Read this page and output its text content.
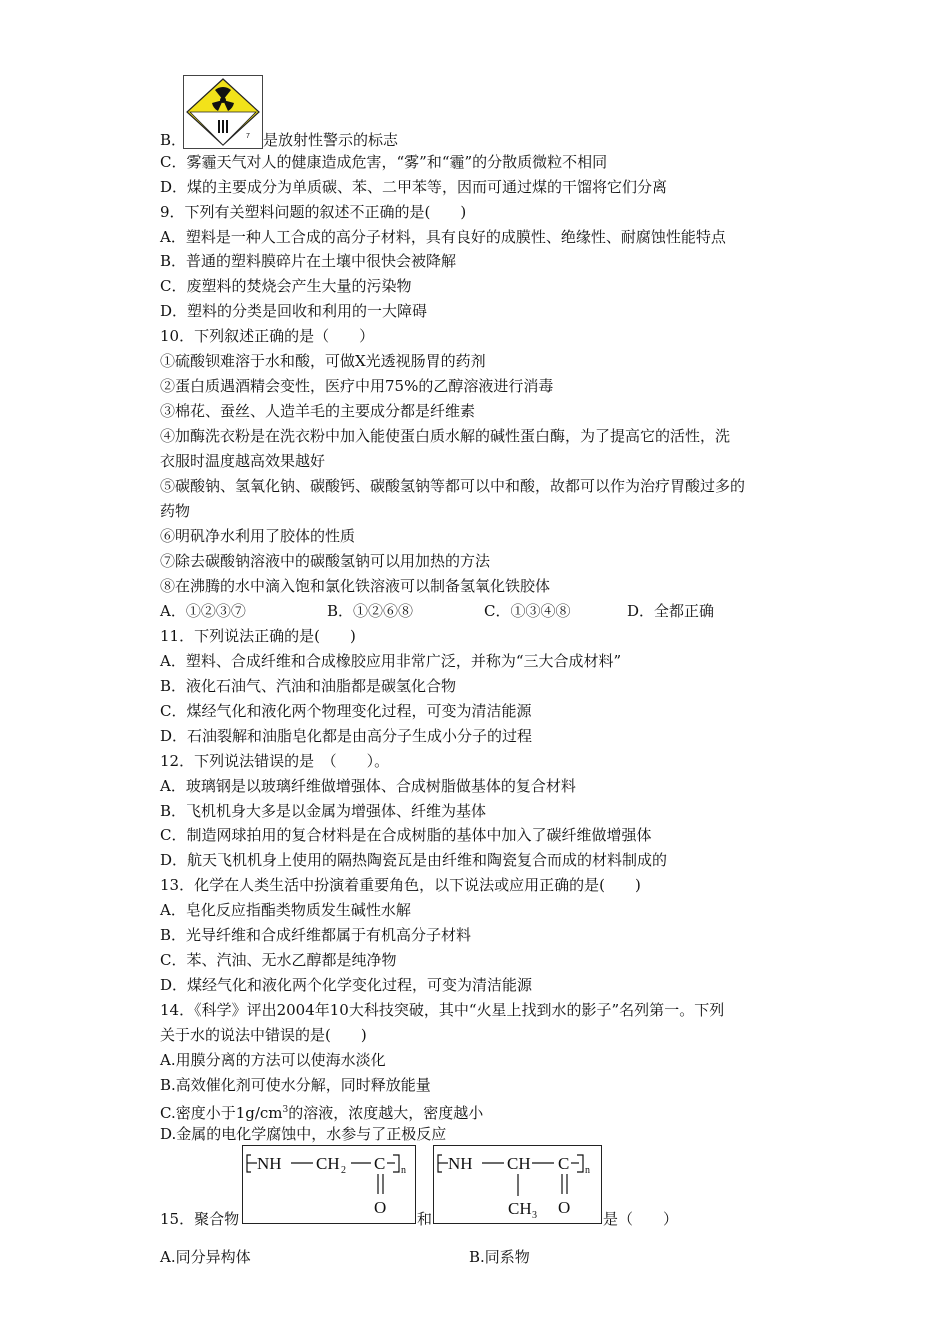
7
B．	是放射性警示的标志
C．雾霾天气对人的健康造成危害，“雾”和“霾”的分散质微粒不相同
D．煤的主要成分为单质碳、苯、二甲苯等，因而可通过煤的干馏将它们分离
9．下列有关塑料问题的叙述不正确的是(　　)
A．塑料是一种人工合成的高分子材料，具有良好的成膜性、绝缘性、耐腐蚀性能特点
B．普通的塑料膜碎片在土壤中很快会被降解
C．废塑料的焚烧会产生大量的污染物
D．塑料的分类是回收和利用的一大障碍
10．下列叙述正确的是（　　）
①硫酸钡难溶于水和酸，可做X光透视肠胃的药剂
②蛋白质遇酒精会变性，医疗中用75%的乙醇溶液进行消毒
③棉花、蚕丝、人造羊毛的主要成分都是纤维素
④加酶洗衣粉是在洗衣粉中加入能使蛋白质水解的碱性蛋白酶，为了提高它的活性，洗
衣服时温度越高效果越好
⑤碳酸钠、氢氧化钠、碳酸钙、碳酸氢钠等都可以中和酸，故都可以作为治疗胃酸过多的
药物
⑥明矾净水利用了胶体的性质
⑦除去碳酸钠溶液中的碳酸氢钠可以用加热的方法
⑧在沸腾的水中滴入饱和氯化铁溶液可以制备氢氧化铁胶体
A．①②③⑦	B．①②⑥⑧	C．①③④⑧	D．全都正确
11．下列说法正确的是(　　)
A．塑料、合成纤维和合成橡胶应用非常广泛，并称为“三大合成材料”
B．液化石油气、汽油和油脂都是碳氢化合物
C．煤经气化和液化两个物理变化过程，可变为清洁能源
D．石油裂解和油脂皂化都是由高分子生成小分子的过程
12．下列说法错误的是　（　　）。
A．玻璃钢是以玻璃纤维做增强体、合成树脂做基体的复合材料
B．飞机机身大多是以金属为增强体、纤维为基体
C．制造网球拍用的复合材料是在合成树脂的基体中加入了碳纤维做增强体
D．航天飞机机身上使用的隔热陶瓷瓦是由纤维和陶瓷复合而成的材料制成的
13．化学在人类生活中扮演着重要角色，以下说法或应用正确的是(　　)
A．皂化反应指酯类物质发生碱性水解
B．光导纤维和合成纤维都属于有机高分子材料
C．苯、汽油、无水乙醇都是纯净物
D．煤经气化和液化两个化学变化过程，可变为清洁能源
14．《科学》评出2004年10大科技突破，其中“火星上找到水的影子”名列第一。下列
关于水的说法中错误的是(　　)
A.用膜分离的方法可以使海水淡化
B.高效催化剂可使水分解，同时释放能量
C.密度小于$1g/cm^3$的溶液，浓度越大，密度越小
D.金属的电化学腐蚀中，水参与了正极反应
15．聚合物
NH CH 2 C n
O
和
NH CH C n
CH 3 O
是（　　）
A.同分异构体	B.同系物
